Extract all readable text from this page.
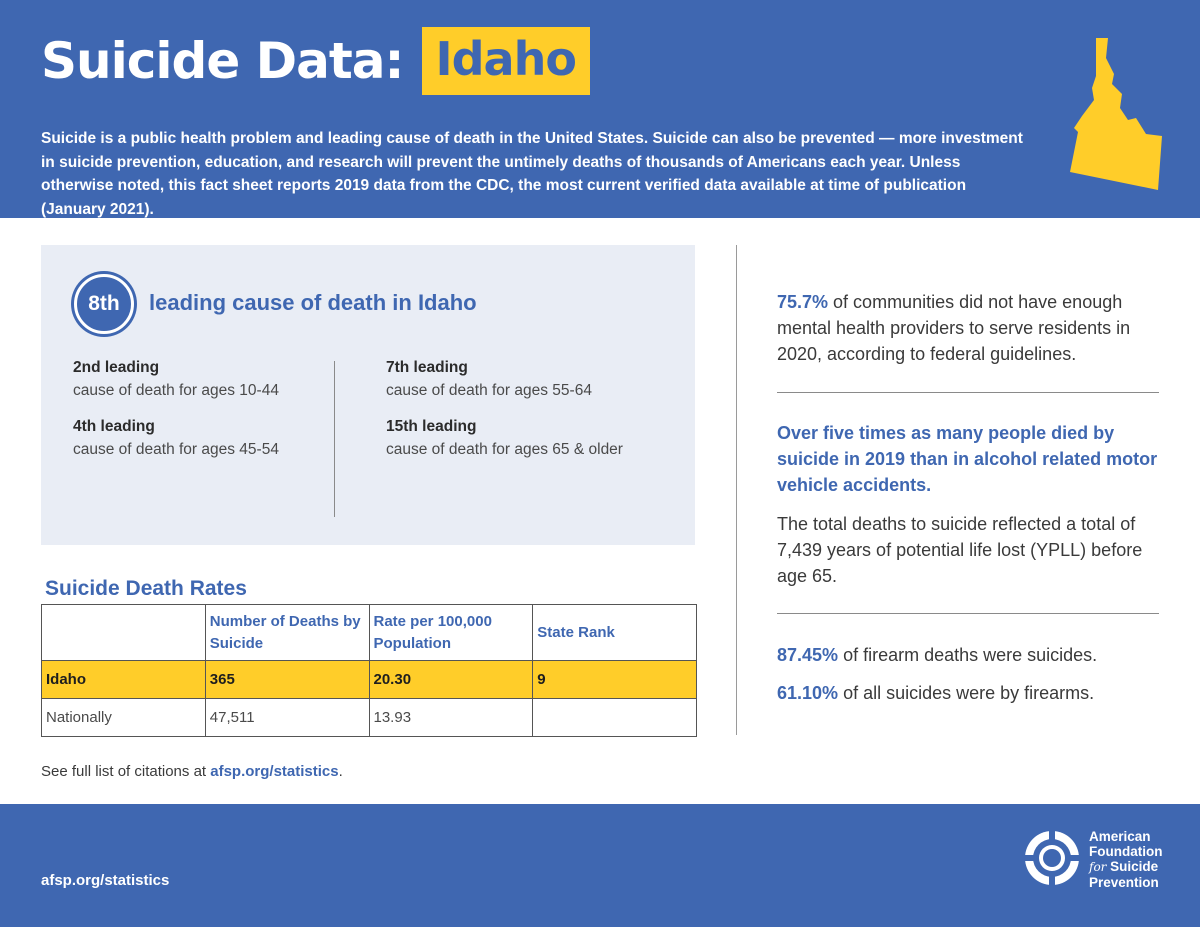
Suicide Data: Idaho
Suicide is a public health problem and leading cause of death in the United States. Suicide can also be prevented — more investment in suicide prevention, education, and research will prevent the untimely deaths of thousands of Americans each year. Unless otherwise noted, this fact sheet reports 2019 data from the CDC, the most current verified data available at time of publication (January 2021).
8th	leading cause of death in Idaho
2nd leading
cause of death for ages 10-44
4th leading
cause of death for ages 45-54
7th leading
cause of death for ages 55-64
15th leading
cause of death for ages 65 & older
Suicide Death Rates
	Number of Deaths by Suicide	Rate per 100,000 Population	State Rank
Idaho	365	20.30	9
Nationally	47,511	13.93	
See full list of citations at afsp.org/statistics.
75.7% of communities did not have enough mental health providers to serve residents in 2020, according to federal guidelines.
Over five times as many people died by suicide in 2019 than in alcohol related motor vehicle accidents.
The total deaths to suicide reflected a total of 7,439 years of potential life lost (YPLL) before age 65.
87.45% of firearm deaths were suicides.
61.10% of all suicides were by firearms.
afsp.org/statistics
American
Foundation
for Suicide
Prevention
